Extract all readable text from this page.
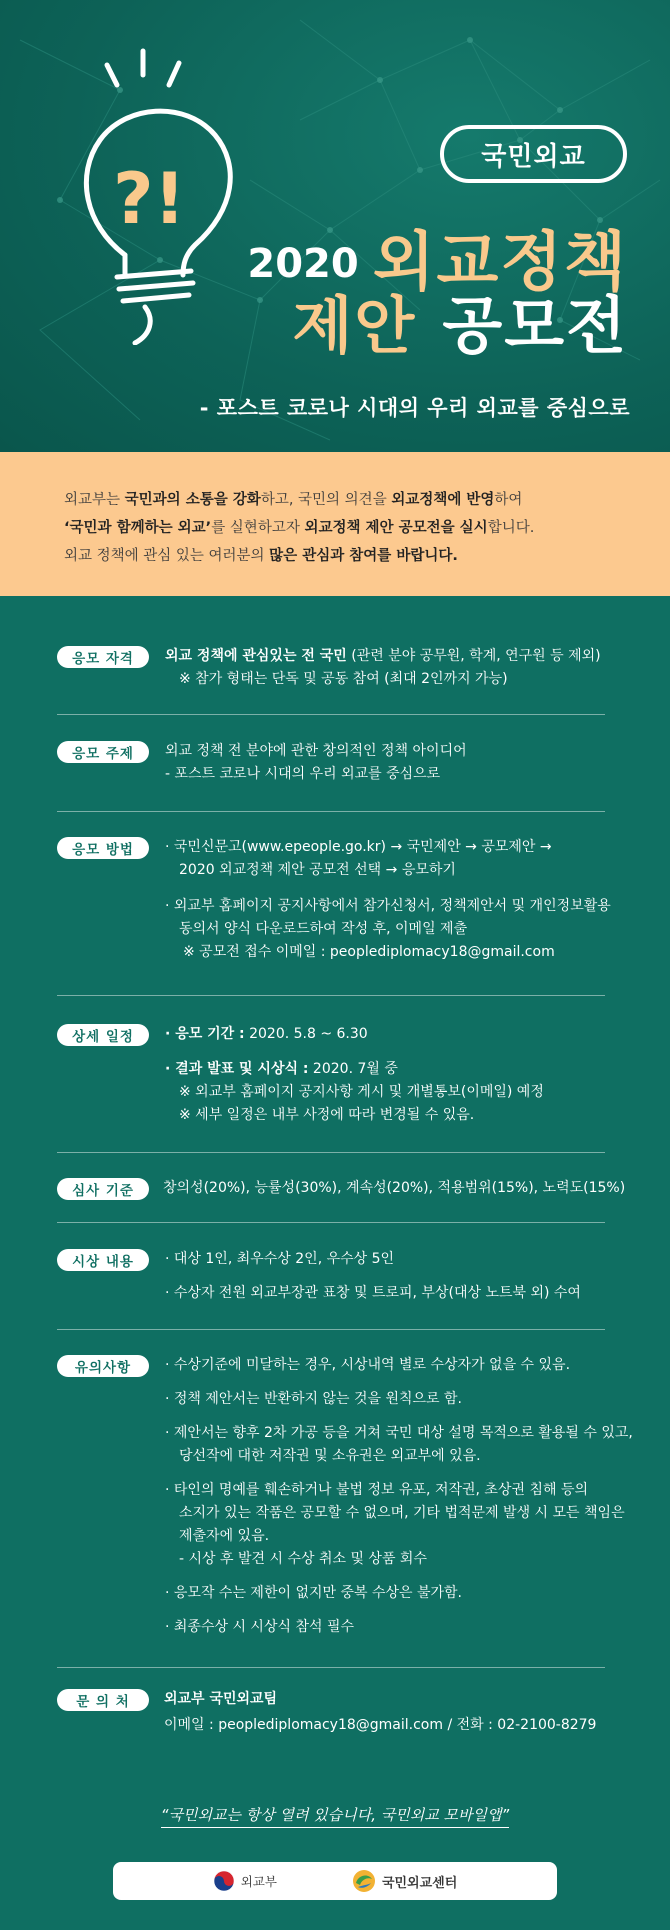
?!
국민외교
2020 외교정책
제안 공모전
- 포스트 코로나 시대의 우리 외교를 중심으로

외교부는 국민과의 소통을 강화하고, 국민의 의견을 외교정책에 반영하여

‘국민과 함께하는 외교’를 실현하고자 외교정책 제안 공모전을 실시합니다.

외교 정책에 관심 있는 여러분의 많은 관심과 참여를 바랍니다.

응모 자격	외교 정책에 관심있는 전 국민 (관련 분야 공무원, 학계, 연구원 등 제외)
※ 참가 형태는 단독 및 공동 참여 (최대 2인까지 가능)
응모 주제	외교 정책 전 분야에 관한 창의적인 정책 아이디어
- 포스트 코로나 시대의 우리 외교를 중심으로
응모 방법	· 국민신문고(www.epeople.go.kr) → 국민제안 → 공모제안 →
2020 외교정책 제안 공모전 선택 → 응모하기
· 외교부 홈페이지 공지사항에서 참가신청서, 정책제안서 및 개인정보활용
동의서 양식 다운로드하여 작성 후, 이메일 제출
※ 공모전 접수 이메일 : peoplediplomacy18@gmail.com
상세 일정	· 응모 기간 : 2020. 5.8 ~ 6.30
· 결과 발표 및 시상식 : 2020. 7월 중
※ 외교부 홈페이지 공지사항 게시 및 개별통보(이메일) 예정
※ 세부 일정은 내부 사정에 따라 변경될 수 있음.
심사 기준	창의성(20%), 능률성(30%), 계속성(20%), 적용범위(15%), 노력도(15%)
시상 내용	· 대상 1인, 최우수상 2인, 우수상 5인
· 수상자 전원 외교부장관 표창 및 트로피, 부상(대상 노트북 외) 수여
유의사항	· 수상기준에 미달하는 경우, 시상내역 별로 수상자가 없을 수 있음.
· 정책 제안서는 반환하지 않는 것을 원칙으로 함.
· 제안서는 향후 2차 가공 등을 거쳐 국민 대상 설명 목적으로 활용될 수 있고,
당선작에 대한 저작권 및 소유권은 외교부에 있음.
· 타인의 명예를 훼손하거나 불법 정보 유포, 저작권, 초상권 침해 등의
소지가 있는 작품은 공모할 수 없으며, 기타 법적문제 발생 시 모든 책임은
제출자에 있음.
- 시상 후 발견 시 수상 취소 및 상품 회수
· 응모작 수는 제한이 없지만 중복 수상은 불가함.
· 최종수상 시 시상식 참석 필수
문 의 처	외교부 국민외교팀
이메일 : peoplediplomacy18@gmail.com / 전화 : 02-2100-8279
“국민외교는 항상 열려 있습니다, 국민외교 모바일앱”
외교부	국민외교센터
